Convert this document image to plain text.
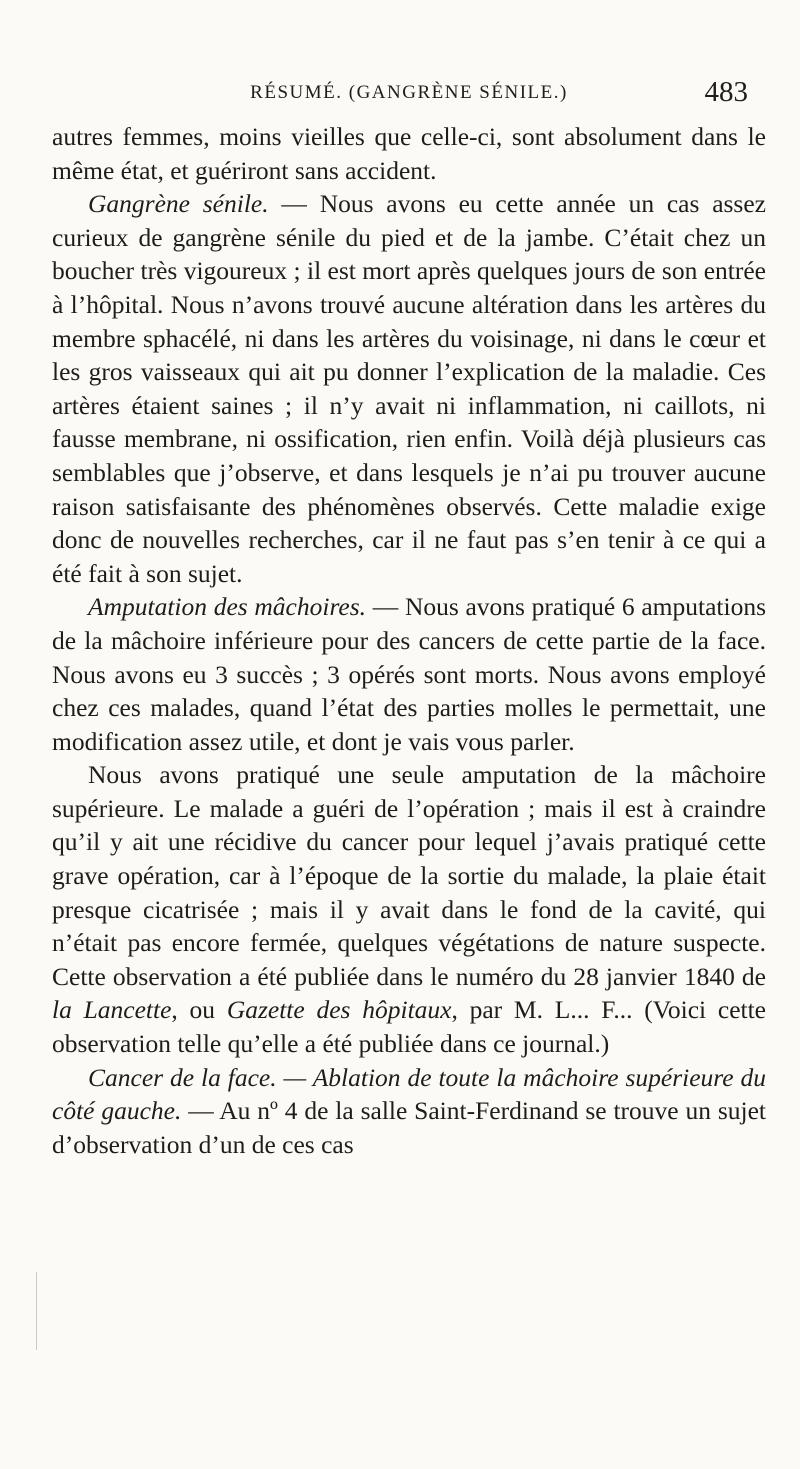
RÉSUMÉ. (GANGRÈNE SÉNILE.)	483

autres femmes, moins vieilles que celle-ci, sont absolument dans le même état, et guériront sans accident.

Gangrène sénile. — Nous avons eu cette année un cas assez curieux de gangrène sénile du pied et de la jambe. C’était chez un boucher très vigoureux ; il est mort après quelques jours de son entrée à l’hôpital. Nous n’avons trouvé aucune altération dans les artères du membre sphacélé, ni dans les artères du voisinage, ni dans le cœur et les gros vaisseaux qui ait pu donner l’explication de la maladie. Ces artères étaient saines ; il n’y avait ni inflammation, ni caillots, ni fausse membrane, ni ossification, rien enfin. Voilà déjà plusieurs cas semblables que j’observe, et dans lesquels je n’ai pu trouver aucune raison satisfaisante des phénomènes observés. Cette maladie exige donc de nouvelles recherches, car il ne faut pas s’en tenir à ce qui a été fait à son sujet.

Amputation des mâchoires. — Nous avons pratiqué 6 amputations de la mâchoire inférieure pour des cancers de cette partie de la face. Nous avons eu 3 succès ; 3 opérés sont morts. Nous avons employé chez ces malades, quand l’état des parties molles le permettait, une modification assez utile, et dont je vais vous parler.

Nous avons pratiqué une seule amputation de la mâchoire supérieure. Le malade a guéri de l’opération ; mais il est à craindre qu’il y ait une récidive du cancer pour lequel j’avais pratiqué cette grave opération, car à l’époque de la sortie du malade, la plaie était presque cicatrisée ; mais il y avait dans le fond de la cavité, qui n’était pas encore fermée, quelques végétations de nature suspecte. Cette observation a été publiée dans le numéro du 28 janvier 1840 de la Lancette, ou Gazette des hôpitaux, par M. L... F... (Voici cette observation telle qu’elle a été publiée dans ce journal.)

Cancer de la face. — Ablation de toute la mâchoire supérieure du côté gauche. — Au nº 4 de la salle Saint-Ferdinand se trouve un sujet d’observation d’un de ces cas
